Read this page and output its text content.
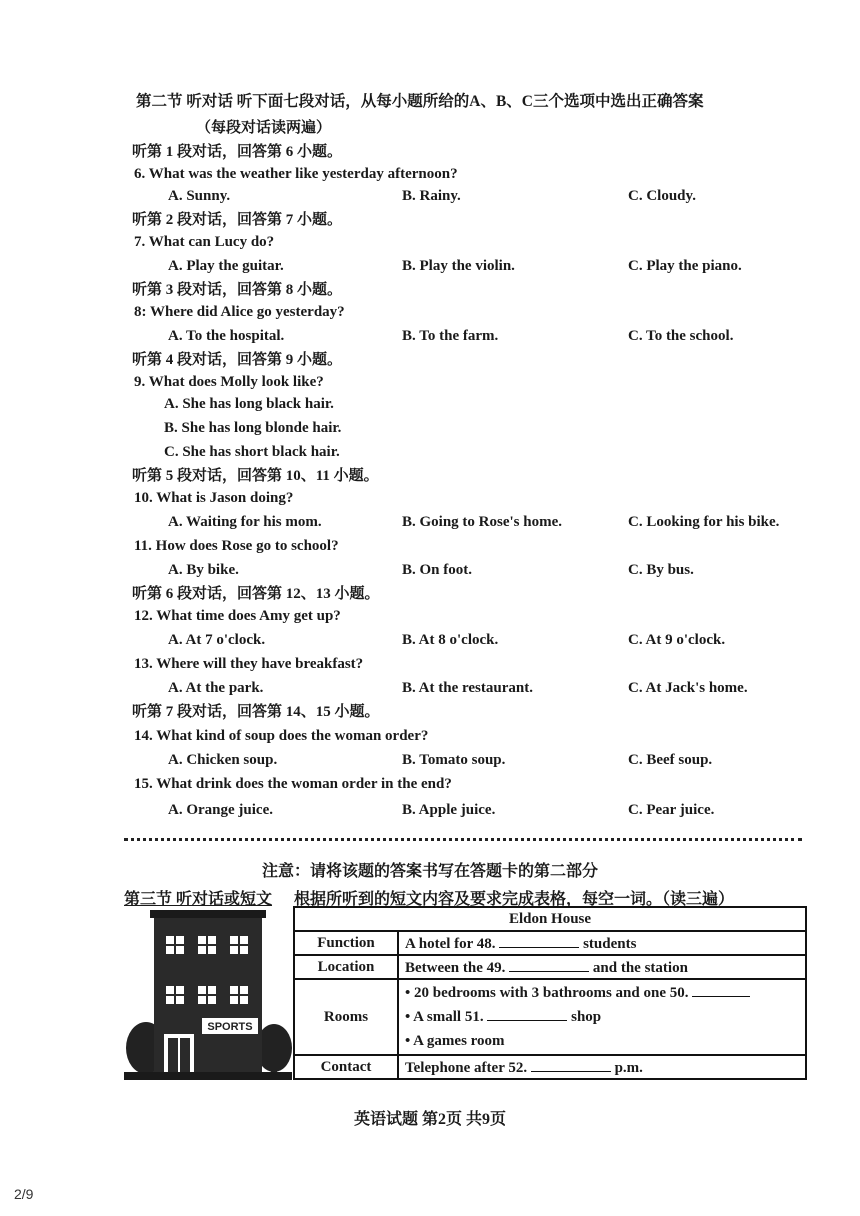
第二节 听对话 听下面七段对话，从每小题所给的A、B、C三个选项中选出正确答案
（每段对话读两遍）
听第 1 段对话，回答第 6 小题。
6. What was the weather like yesterday afternoon?
A. Sunny.	B. Rainy.	C. Cloudy.
听第 2 段对话，回答第 7 小题。
7. What can Lucy do?
A. Play the guitar.	B. Play the violin.	C. Play the piano.
听第 3 段对话，回答第 8 小题。
8: Where did Alice go yesterday?
A. To the hospital.	B. To the farm.	C. To the school.
听第 4 段对话，回答第 9 小题。
9. What does Molly look like?
A. She has long black hair.
B. She has long blonde hair.
C. She has short black hair.
听第 5 段对话，回答第 10、11 小题。
10. What is Jason doing?
A. Waiting for his mom.	B. Going to Rose's home.	C. Looking for his bike.
11. How does Rose go to school?
A. By bike.	B. On foot.	C. By bus.
听第 6 段对话，回答第 12、13 小题。
12. What time does Amy get up?
A. At 7 o'clock.	B. At 8 o'clock.	C. At 9 o'clock.
13. Where will they have breakfast?
A. At the park.	B. At the restaurant.	C. At Jack's home.
听第 7 段对话，回答第 14、15 小题。
14. What kind of soup does the woman order?
A. Chicken soup.	B. Tomato soup.	C. Beef soup.
15. What drink does the woman order in the end?
A. Orange juice.	B. Apple juice.	C. Pear juice.
注意：请将该题的答案书写在答题卡的第二部分
第三节 听对话或短文 根据所听到的短文内容及要求完成表格，每空一词。（读三遍）
SPORTS
Eldon House	
Function	A hotel for 48. students
Location	Between the 49. and the station
Rooms	• 20 bedrooms with 3 bathrooms and one 50.
• A small 51. shop
• A games room

Contact	Telephone after 52. p.m.
英语试题 第2页 共9页
2/9
